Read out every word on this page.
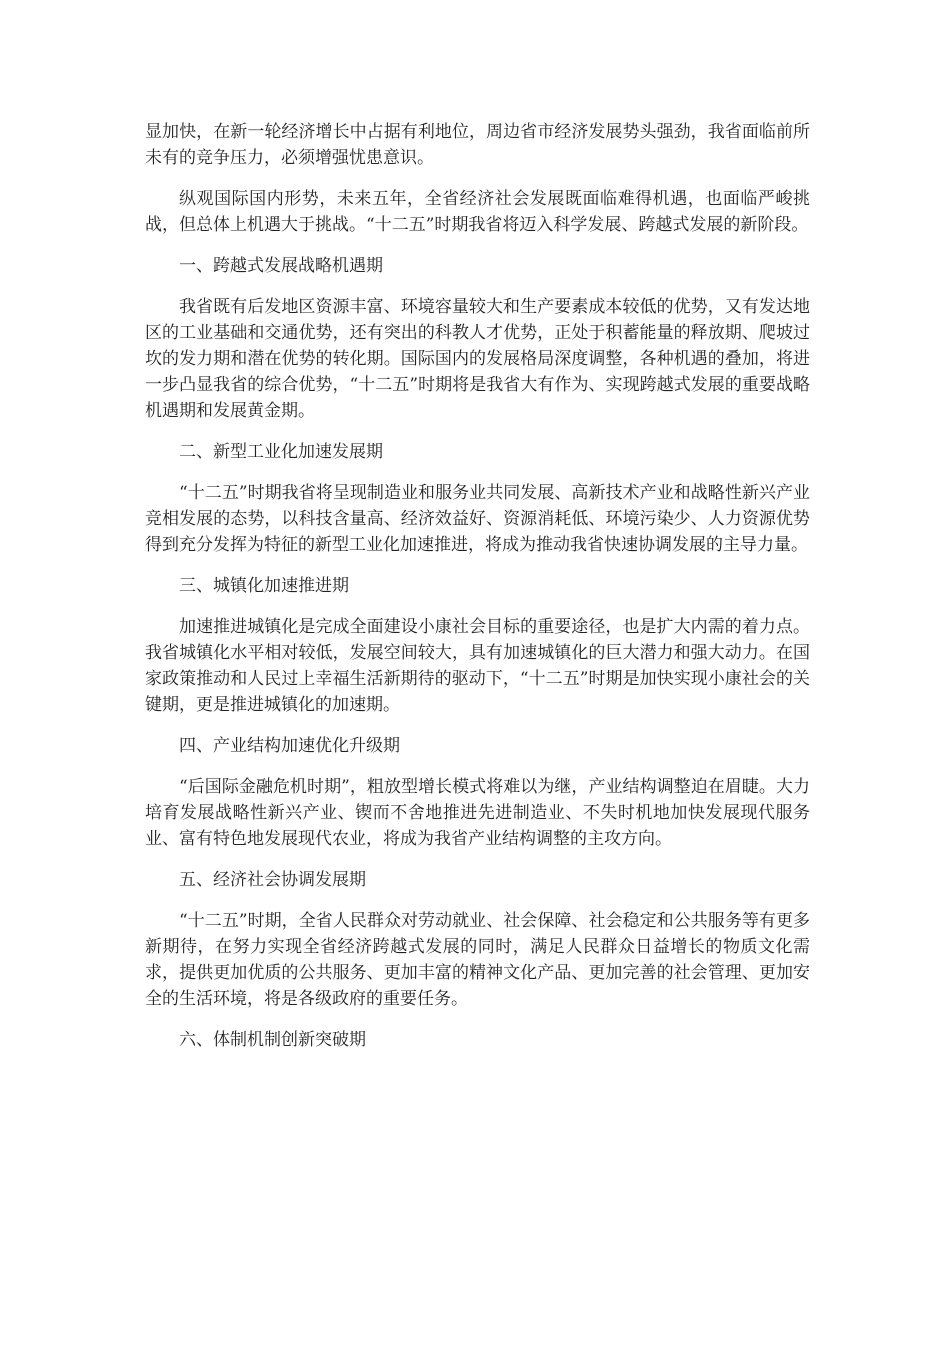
显加快，在新一轮经济增长中占据有利地位，周边省市经济发展势头强劲，我省面临前所未有的竞争压力，必须增强忧患意识。

纵观国际国内形势，未来五年，全省经济社会发展既面临难得机遇，也面临严峻挑战，但总体上机遇大于挑战。“十二五”时期我省将迈入科学发展、跨越式发展的新阶段。

一、跨越式发展战略机遇期

我省既有后发地区资源丰富、环境容量较大和生产要素成本较低的优势，又有发达地区的工业基础和交通优势，还有突出的科教人才优势，正处于积蓄能量的释放期、爬坡过坎的发力期和潜在优势的转化期。国际国内的发展格局深度调整，各种机遇的叠加，将进一步凸显我省的综合优势，“十二五”时期将是我省大有作为、实现跨越式发展的重要战略机遇期和发展黄金期。

二、新型工业化加速发展期

“十二五”时期我省将呈现制造业和服务业共同发展、高新技术产业和战略性新兴产业竞相发展的态势，以科技含量高、经济效益好、资源消耗低、环境污染少、人力资源优势得到充分发挥为特征的新型工业化加速推进，将成为推动我省快速协调发展的主导力量。

三、城镇化加速推进期

加速推进城镇化是完成全面建设小康社会目标的重要途径，也是扩大内需的着力点。我省城镇化水平相对较低，发展空间较大，具有加速城镇化的巨大潜力和强大动力。在国家政策推动和人民过上幸福生活新期待的驱动下，“十二五”时期是加快实现小康社会的关键期，更是推进城镇化的加速期。

四、产业结构加速优化升级期

“后国际金融危机时期”，粗放型增长模式将难以为继，产业结构调整迫在眉睫。大力培育发展战略性新兴产业、锲而不舍地推进先进制造业、不失时机地加快发展现代服务业、富有特色地发展现代农业，将成为我省产业结构调整的主攻方向。

五、经济社会协调发展期

“十二五”时期，全省人民群众对劳动就业、社会保障、社会稳定和公共服务等有更多新期待，在努力实现全省经济跨越式发展的同时，满足人民群众日益增长的物质文化需求，提供更加优质的公共服务、更加丰富的精神文化产品、更加完善的社会管理、更加安全的生活环境，将是各级政府的重要任务。

六、体制机制创新突破期
